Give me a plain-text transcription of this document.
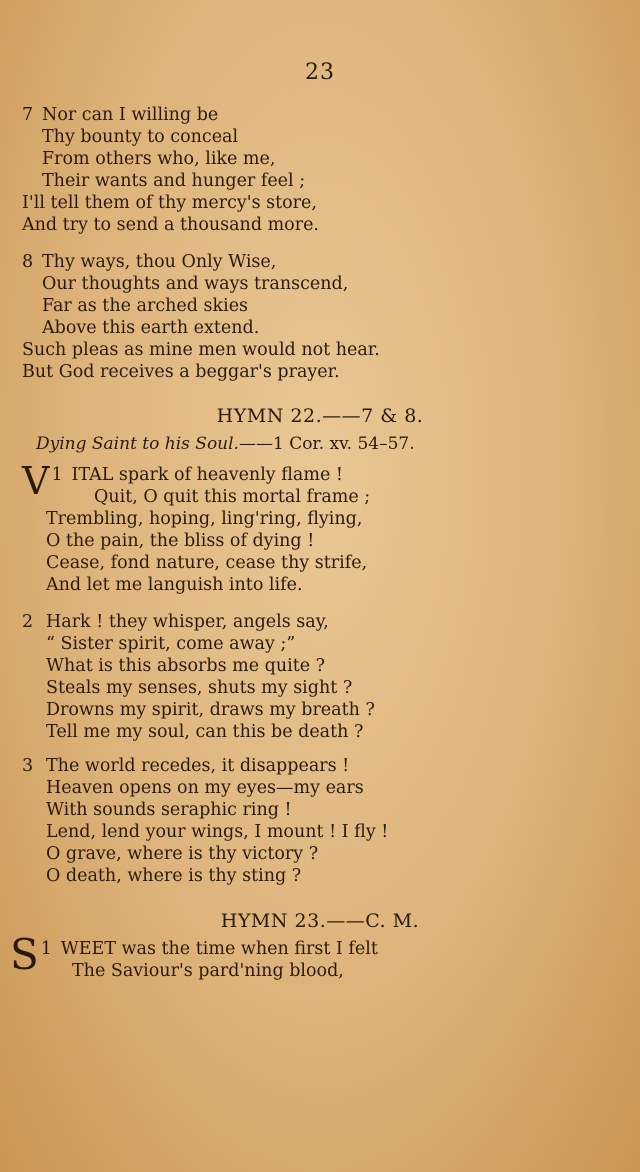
23
7 Nor can I willing be
Thy bounty to conceal
From others who, like me,
Their wants and hunger feel ;
I'll tell them of thy mercy's store,
And try to send a thousand more.
8 Thy ways, thou Only Wise,
Our thoughts and ways transcend,
Far as the arched skies
Above this earth extend.
Such pleas as mine men would not hear.
But God receives a beggar's prayer.
HYMN 22.——7 & 8.
Dying Saint to his Soul.——1 Cor. xv. 54–57.
1
V ITAL spark of heavenly flame !
Quit, O quit this mortal frame ;
Trembling, hoping, ling'ring, flying,
O the pain, the bliss of dying !
Cease, fond nature, cease thy strife,
And let me languish into life.
2 Hark ! they whisper, angels say,
“ Sister spirit, come away ;”
What is this absorbs me quite ?
Steals my senses, shuts my sight ?
Drowns my spirit, draws my breath ?
Tell me my soul, can this be death ?
3 The world recedes, it disappears !
Heaven opens on my eyes—my ears
With sounds seraphic ring !
Lend, lend your wings, I mount ! I fly !
O grave, where is thy victory ?
O death, where is thy sting ?
HYMN 23.——C. M.
1
S WEET was the time when first I felt
The Saviour's pard'ning blood,
